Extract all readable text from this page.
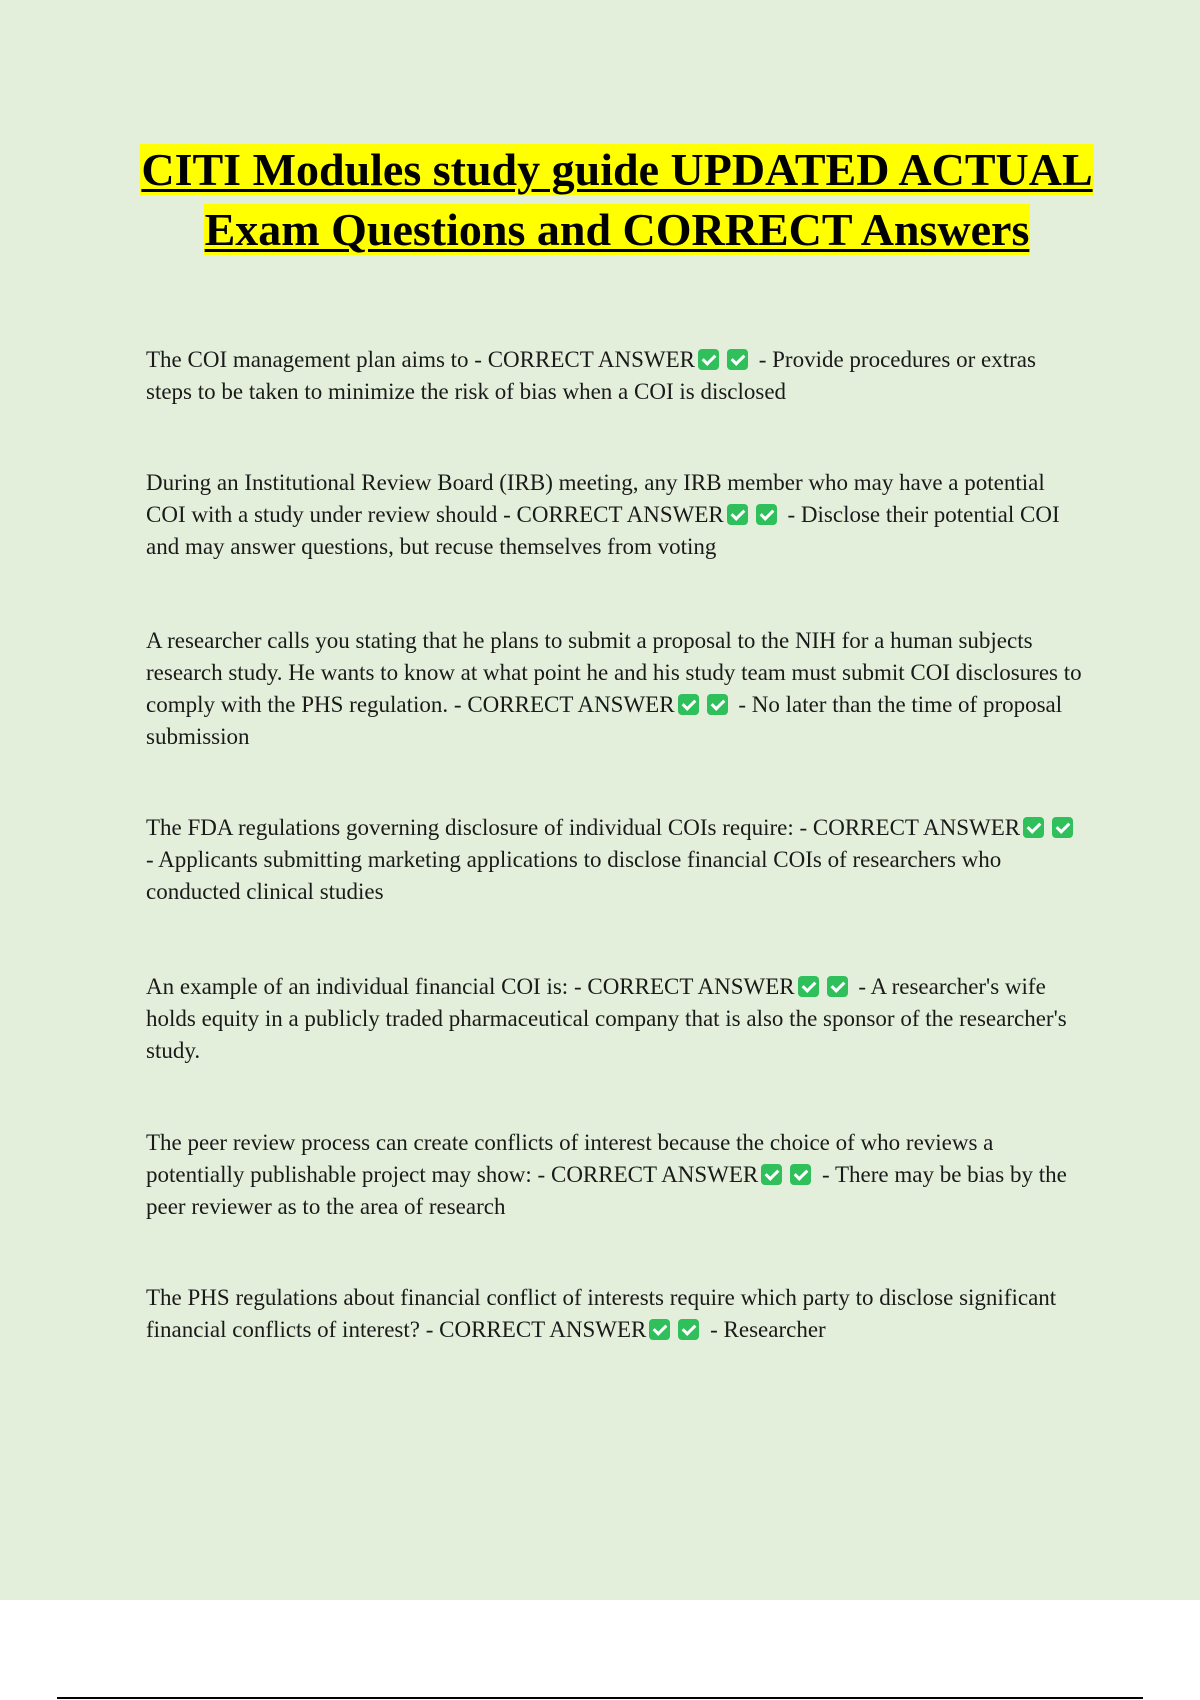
CITI Modules study guide UPDATED ACTUAL Exam Questions and CORRECT Answers

The COI management plan aims to - CORRECT ANSWER	- Provide procedures or extras steps to be taken to minimize the risk of bias when a COI is disclosed

During an Institutional Review Board (IRB) meeting, any IRB member who may have a potential COI with a study under review should - CORRECT ANSWER	- Disclose their potential COI and may answer questions, but recuse themselves from voting

A researcher calls you stating that he plans to submit a proposal to the NIH for a human subjects research study. He wants to know at what point he and his study team must submit COI disclosures to comply with the PHS regulation. - CORRECT ANSWER	- No later than the time of proposal submission

The FDA regulations governing disclosure of individual COIs require: - CORRECT ANSWER - Applicants submitting marketing applications to disclose financial COIs of researchers who conducted clinical studies

An example of an individual financial COI is: - CORRECT ANSWER	- A researcher's wife holds equity in a publicly traded pharmaceutical company that is also the sponsor of the researcher's study.

The peer review process can create conflicts of interest because the choice of who reviews a potentially publishable project may show: - CORRECT ANSWER	- There may be bias by the peer reviewer as to the area of research

The PHS regulations about financial conflict of interests require which party to disclose significant financial conflicts of interest? - CORRECT ANSWER	- Researcher
